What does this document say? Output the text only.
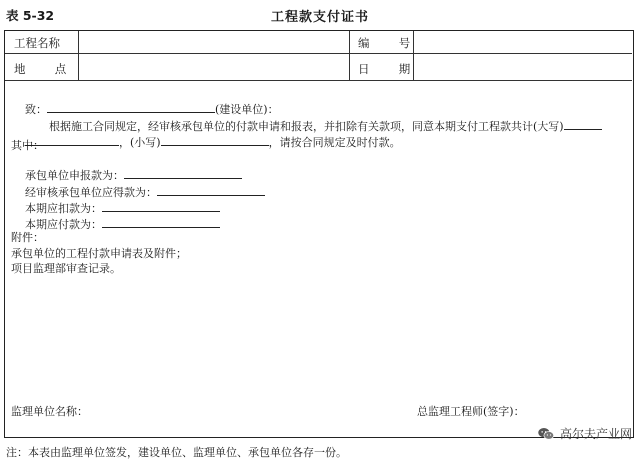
表 5-32	工程款支付证书
工程名称	编        号
地        点	日        期

致：	(建设单位)：

根据施工合同规定，经审核承包单位的付款申请和报表，并扣除有关款项，同意本期支付工程款共计(大写)

，(小写)	，请按合同规定及时付款。

其中：

承包单位申报款为：

经审核承包单位应得款为：

本期应扣款为：

本期应付款为：

附件：
承包单位的工程付款申请表及附件；
项目监理部审查记录。
监理单位名称：	总监理工程师(签字)：
注：本表由监理单位签发，建设单位、监理单位、承包单位各存一份。
高尔夫产业网
